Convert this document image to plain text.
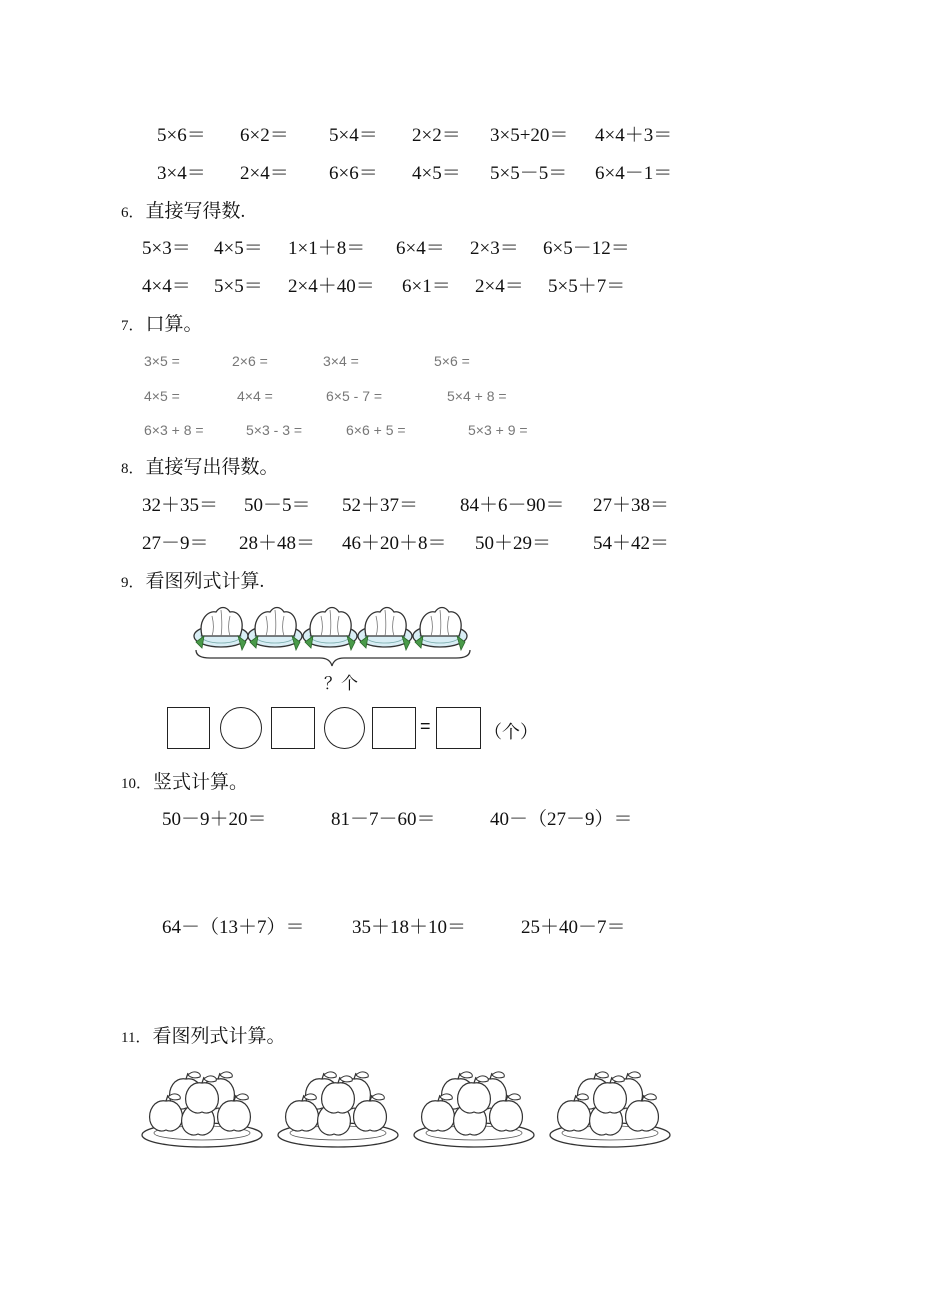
5×6＝ 6×2＝ 5×4＝ 2×2＝ 3×5+20＝ 4×4＋3＝
3×4＝ 2×4＝ 6×6＝ 4×5＝ 5×5－5＝ 6×4－1＝
6． 直接写得数.
5×3＝ 4×5＝ 1×1＋8＝ 6×4＝ 2×3＝ 6×5－12＝
4×4＝ 5×5＝ 2×4＋40＝ 6×1＝ 2×4＝ 5×5＋7＝
7． 口算。
3×5 =	2×6 =	3×4 =	5×6 =
4×5 =	4×4 =	6×5 - 7 =	5×4 + 8 =
6×3 + 8 =	5×3 - 3 =	6×6 + 5 =	5×3 + 9 =
8． 直接写出得数。
32＋35＝ 50－5＝ 52＋37＝ 84＋6－90＝ 27＋38＝
27－9＝ 28＋48＝ 46＋20＋8＝ 50＋29＝ 54＋42＝
9． 看图列式计算.
？个
=	（个）
10． 竖式计算。
50－9＋20＝	81－7－60＝	40－（27－9）＝
64－（13＋7）＝ 35＋18＋10＝	25＋40－7＝
11． 看图列式计算。
